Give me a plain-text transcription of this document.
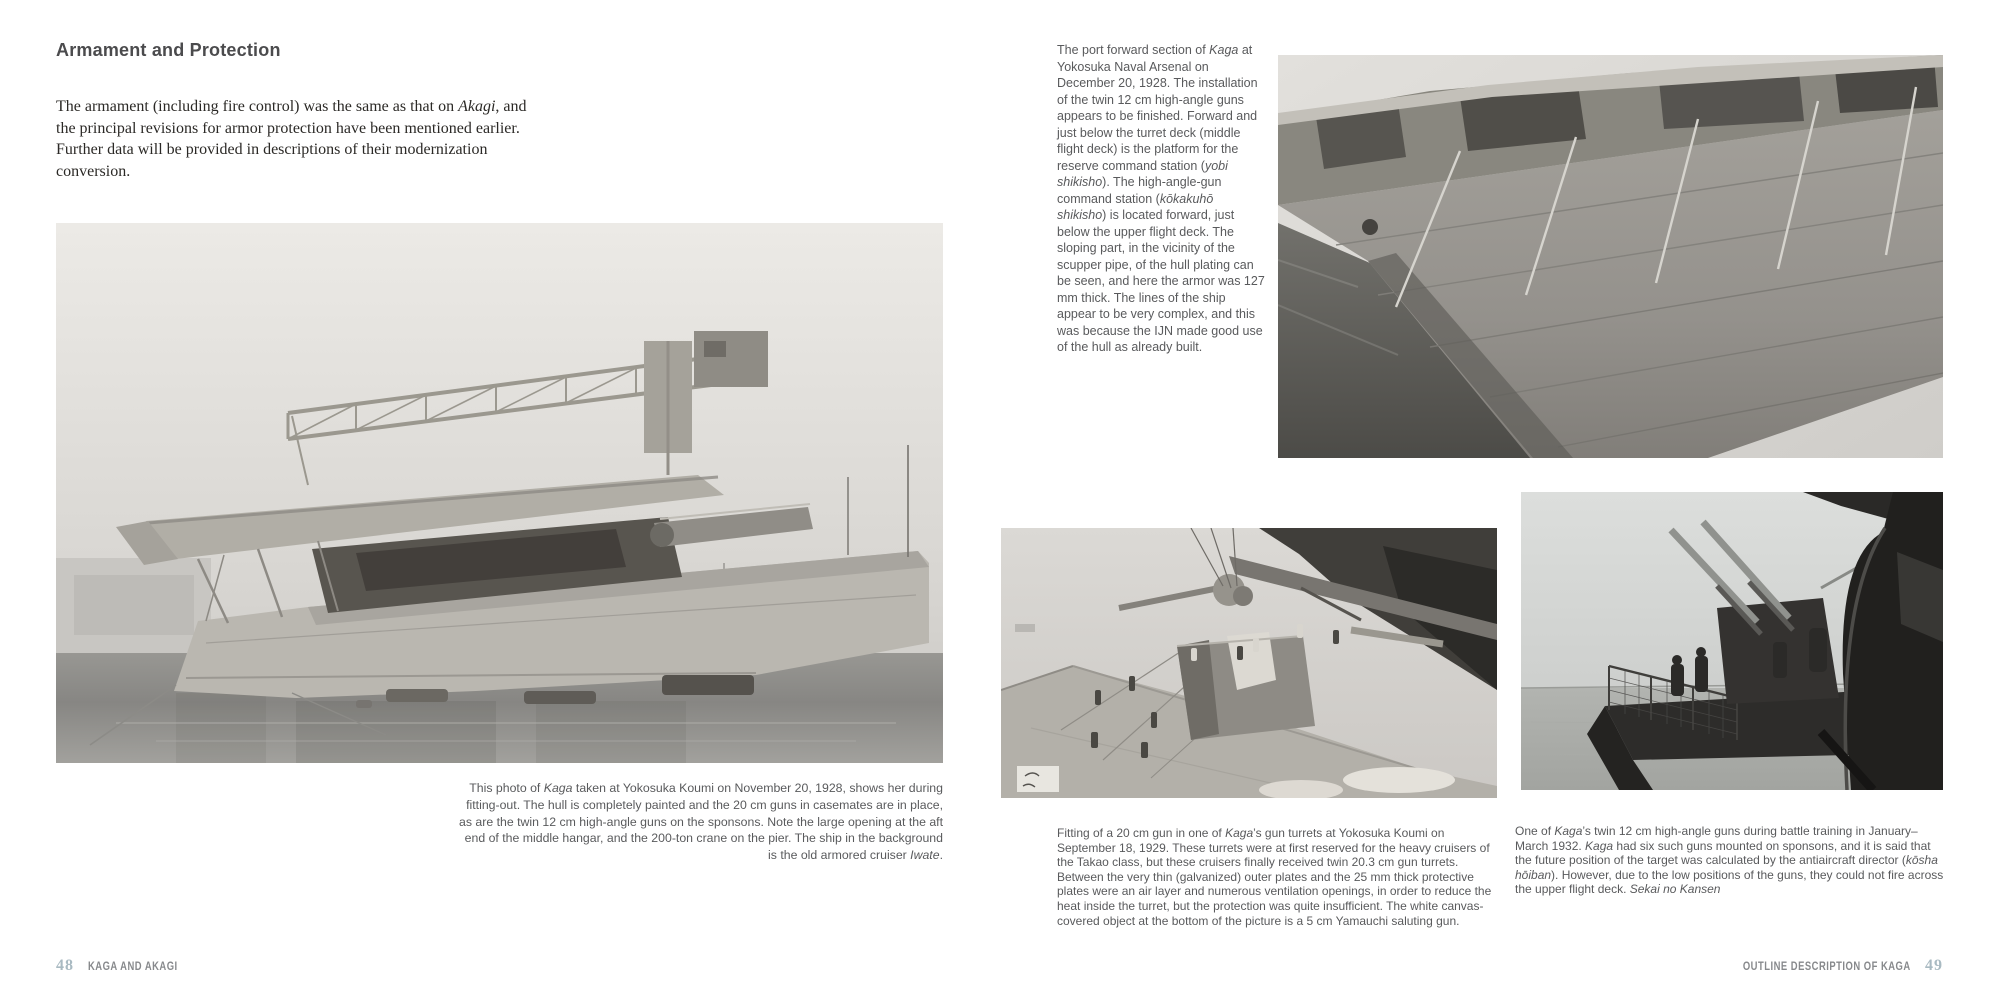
Armament and Protection
The armament (including fire control) was the same as that on Akagi, and the principal revisions for armor protection have been mentioned earlier. Further data will be provided in descriptions of their modernization conversion.
This photo of Kaga taken at Yokosuka Koumi on November 20, 1928, shows her during fitting-out. The hull is completely painted and the 20 cm guns in casemates are in place, as are the twin 12 cm high-angle guns on the sponsons. Note the large opening at the aft end of the middle hangar, and the 200-ton crane on the pier. The ship in the background is the old armored cruiser Iwate.
48 KAGA AND AKAGI
The port forward section of Kaga at Yokosuka Naval Arsenal on December 20, 1928. The installation of the twin 12 cm high-angle guns appears to be finished. Forward and just below the turret deck (middle flight deck) is the platform for the reserve command station (yobi shikisho). The high-angle-gun command station (kōkakuhō shikisho) is located forward, just below the upper flight deck. The sloping part, in the vicinity of the scupper pipe, of the hull plating can be seen, and here the armor was 127 mm thick. The lines of the ship appear to be very complex, and this was because the IJN made good use of the hull as already built.
Fitting of a 20 cm gun in one of Kaga’s gun turrets at Yokosuka Koumi on September 18, 1929. These turrets were at first reserved for the heavy cruisers of the Takao class, but these cruisers finally received twin 20.3 cm gun turrets. Between the very thin (galvanized) outer plates and the 25 mm thick protective plates were an air layer and numerous ventilation openings, in order to reduce the heat inside the turret, but the protection was quite insufficient. The white canvas-covered object at the bottom of the picture is a 5 cm Yamauchi saluting gun.
One of Kaga’s twin 12 cm high-angle guns during battle training in January–March 1932. Kaga had six such guns mounted on sponsons, and it is said that the future position of the target was calculated by the antiaircraft director (kōsha hōiban). However, due to the low positions of the guns, they could not fire across the upper flight deck. Sekai no Kansen
OUTLINE DESCRIPTION OF KAGA 49
